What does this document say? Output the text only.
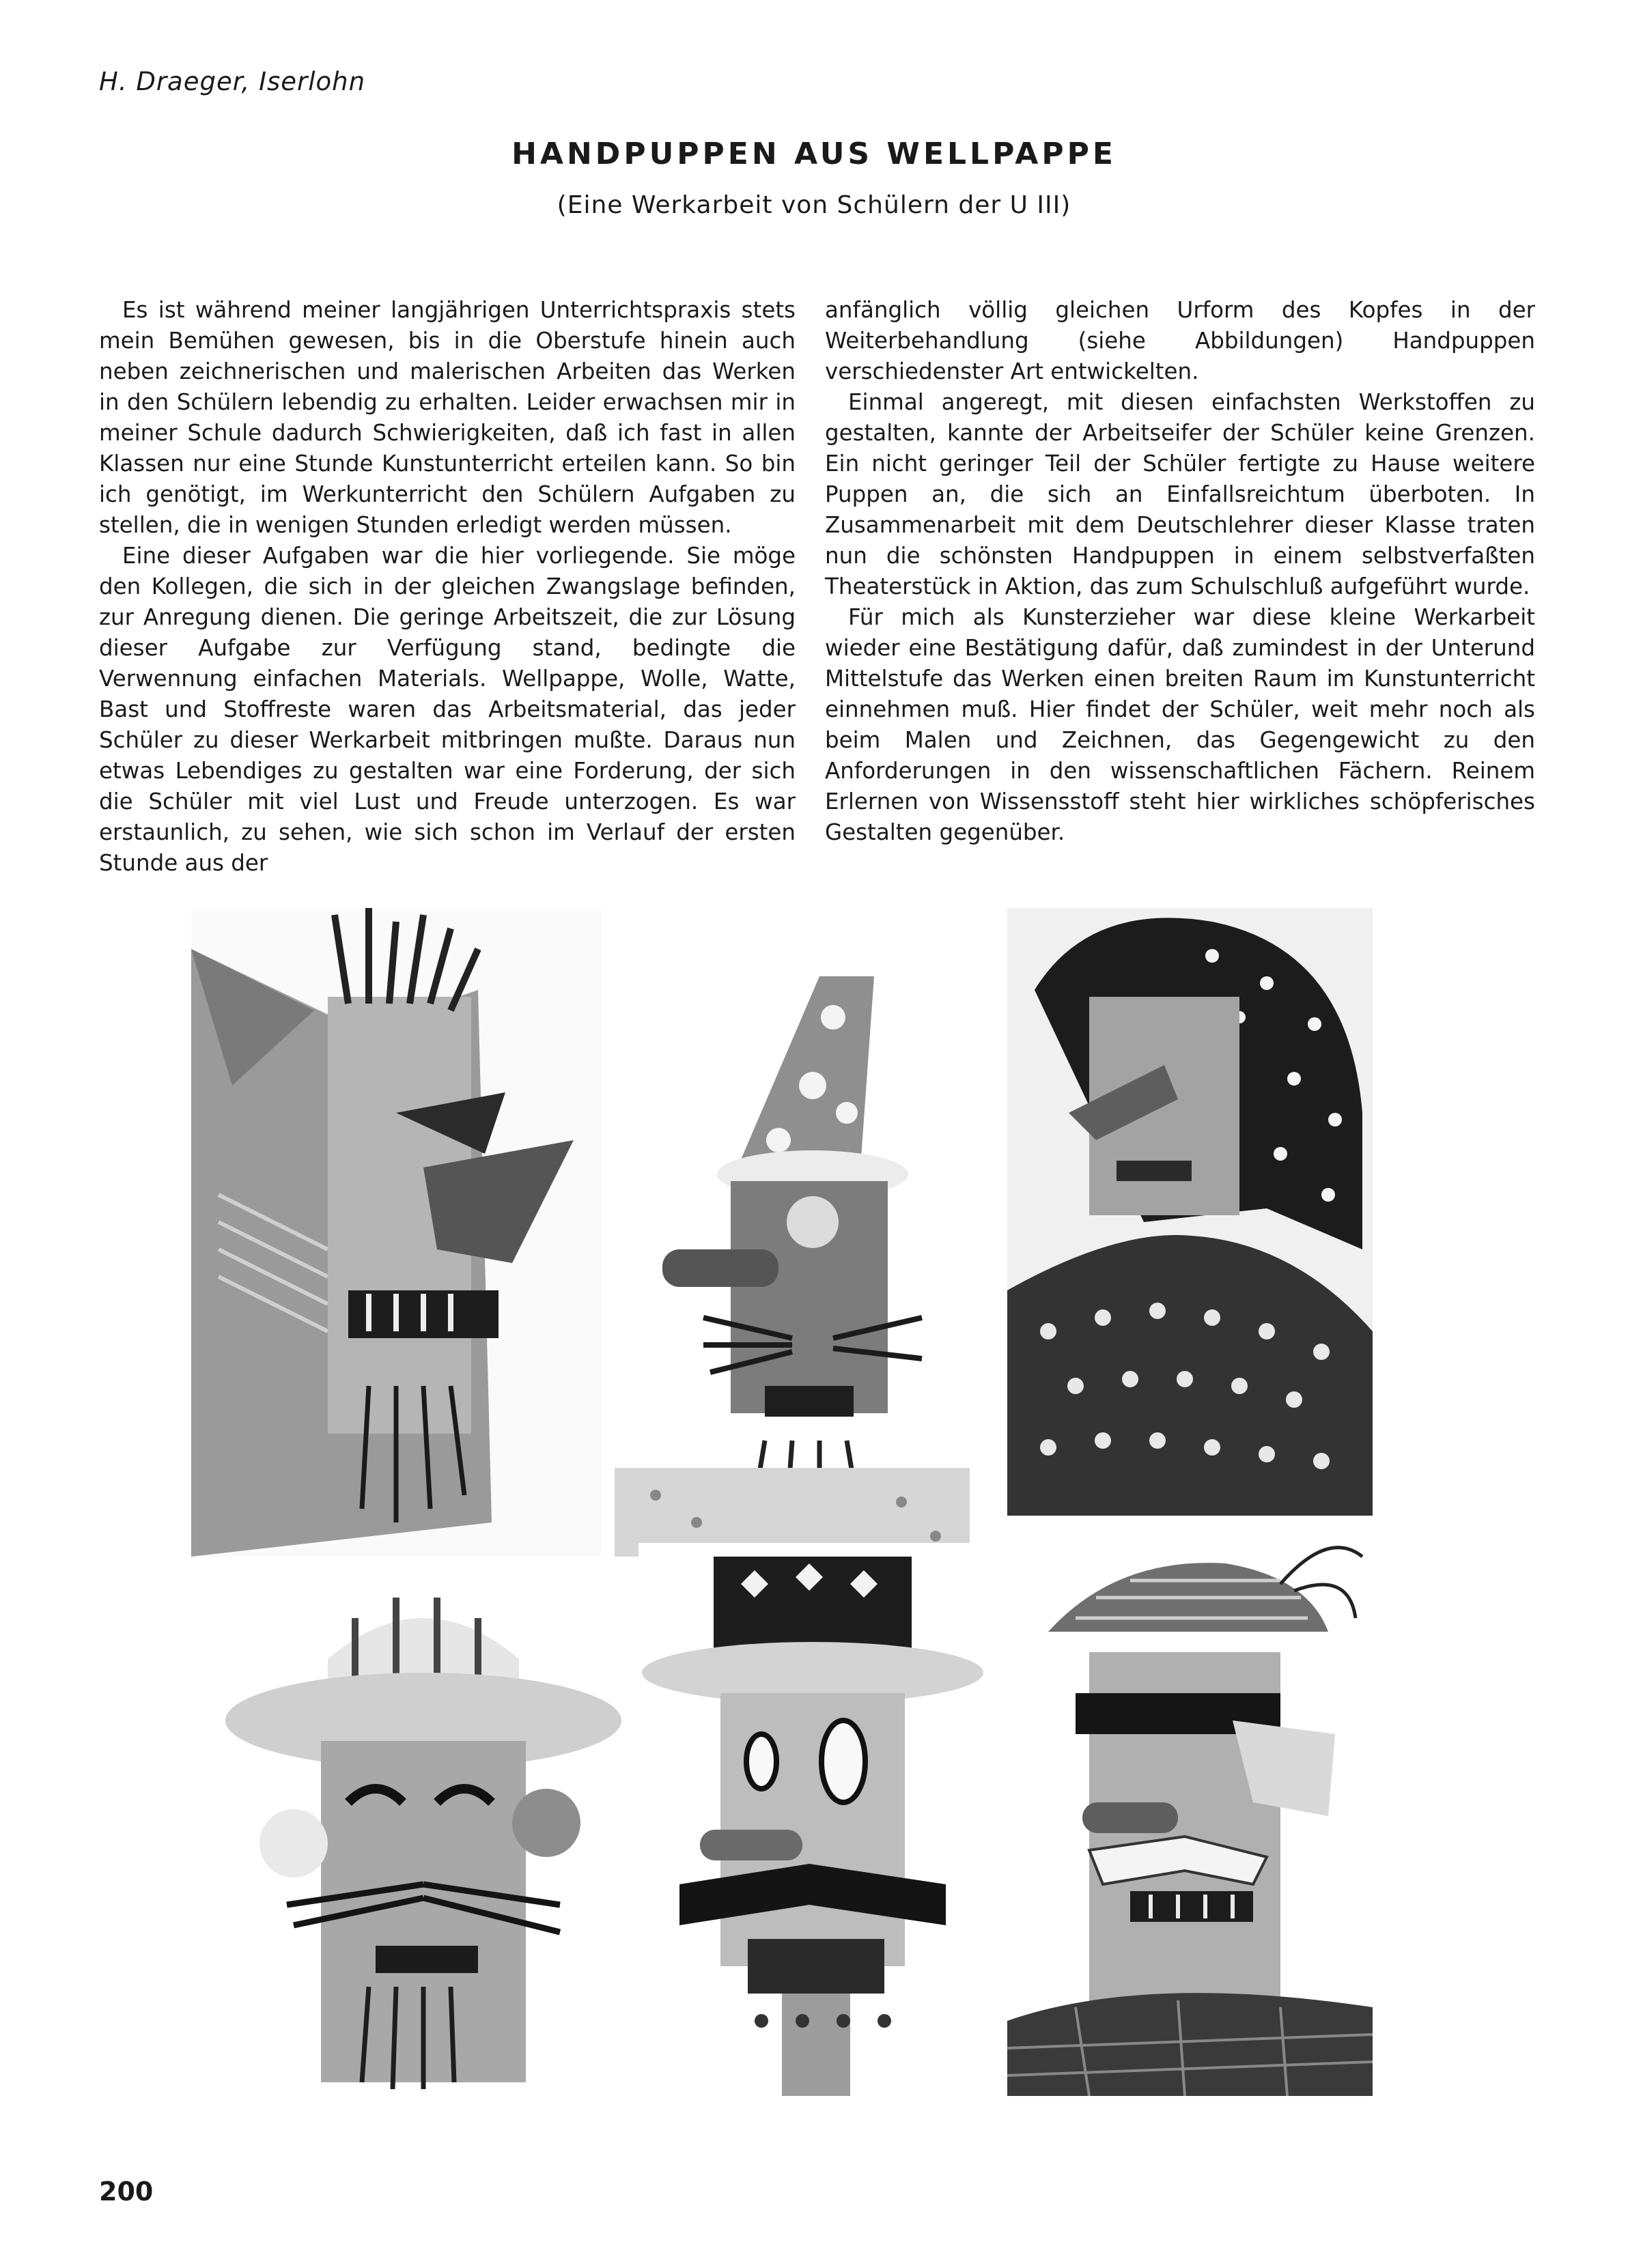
H. Draeger, Iserlohn
HANDPUPPEN AUS WELLPAPPE
(Eine Werkarbeit von Schülern der U III)

Es ist während meiner langjährigen Unterrichtspraxis stets mein Bemühen gewesen, bis in die Oberstufe hinein auch neben zeichnerischen und malerischen Arbeiten das Werken in den Schülern lebendig zu erhalten. Leider erwachsen mir in meiner Schule dadurch Schwierigkeiten, daß ich fast in allen Klassen nur eine Stunde Kunstunterricht erteilen kann. So bin ich genötigt, im Werkunterricht den Schülern Aufgaben zu stellen, die in wenigen Stunden erledigt werden müssen.

Eine dieser Aufgaben war die hier vorliegende. Sie möge den Kollegen, die sich in der gleichen Zwangslage befinden, zur Anregung dienen. Die geringe Arbeitszeit, die zur Lösung dieser Aufgabe zur Verfügung stand, bedingte die Verwennung einfachen Materials. Wellpappe, Wolle, Watte, Bast und Stoffreste waren das Arbeitsmaterial, das jeder Schüler zu dieser Werkarbeit mitbringen mußte. Daraus nun etwas Lebendiges zu gestalten war eine Forderung, der sich die Schüler mit viel Lust und Freude unterzogen. Es war erstaunlich, zu sehen, wie sich schon im Verlauf der ersten Stunde aus der

anfänglich völlig gleichen Urform des Kopfes in der Weiterbehandlung (siehe Abbildungen) Handpuppen verschiedenster Art entwickelten.

Einmal angeregt, mit diesen einfachsten Werkstoffen zu gestalten, kannte der Arbeitseifer der Schüler keine Grenzen. Ein nicht geringer Teil der Schüler fertigte zu Hause weitere Puppen an, die sich an Einfallsreichtum überboten. In Zusammenarbeit mit dem Deutschlehrer dieser Klasse traten nun die schönsten Handpuppen in einem selbstverfaßten Theaterstück in Aktion, das zum Schulschluß aufgeführt wurde.

Für mich als Kunsterzieher war diese kleine Werkarbeit wieder eine Bestätigung dafür, daß zumindest in der Unterund Mittelstufe das Werken einen breiten Raum im Kunstunterricht einnehmen muß. Hier findet der Schüler, weit mehr noch als beim Malen und Zeichnen, das Gegengewicht zu den Anforderungen in den wissenschaftlichen Fächern. Reinem Erlernen von Wissensstoff steht hier wirkliches schöpferisches Gestalten gegenüber.

200
